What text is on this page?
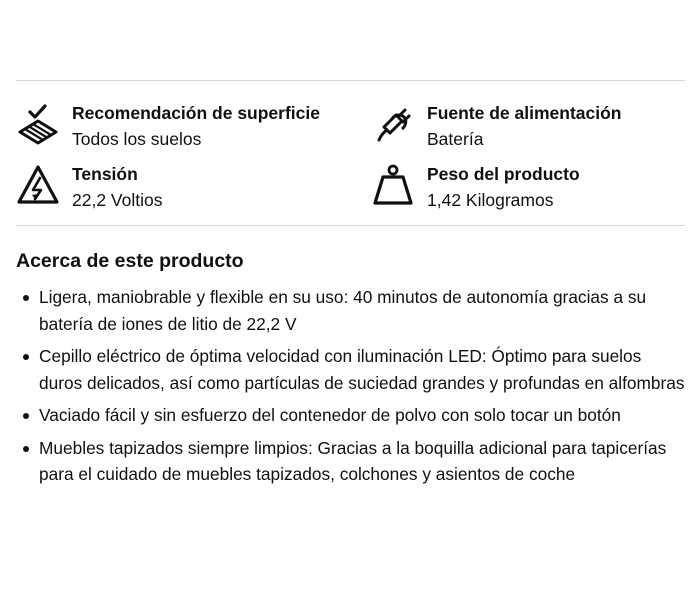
Recomendación de superficie
Todos los suelos
Fuente de alimentación
Batería
Tensión
22,2 Voltios
Peso del producto
1,42 Kilogramos
Acerca de este producto
Ligera, maniobrable y flexible en su uso: 40 minutos de autonomía gracias a su batería de iones de litio de 22,2 V
Cepillo eléctrico de óptima velocidad con iluminación LED: Óptimo para suelos duros delicados, así como partículas de suciedad grandes y profundas en alfombras
Vaciado fácil y sin esfuerzo del contenedor de polvo con solo tocar un botón
Muebles tapizados siempre limpios: Gracias a la boquilla adicional para tapicerías para el cuidado de muebles tapizados, colchones y asientos de coche
